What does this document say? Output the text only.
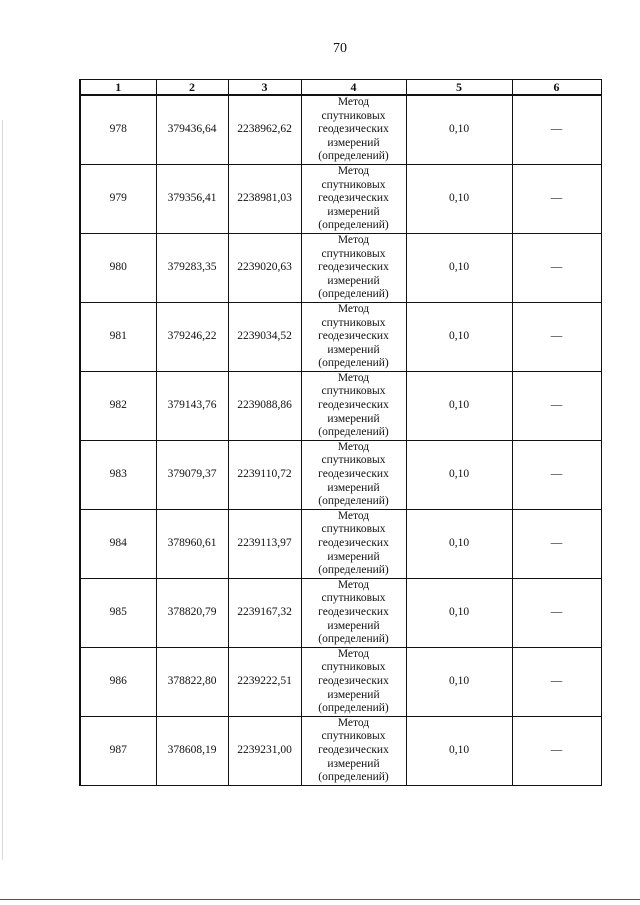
70
1	2	3	4	5	6
978	379436,64	2238962,62	Метод
спутниковых
геодезических
измерений
(определений)	0,10	—
979	379356,41	2238981,03	Метод
спутниковых
геодезических
измерений
(определений)	0,10	—
980	379283,35	2239020,63	Метод
спутниковых
геодезических
измерений
(определений)	0,10	—
981	379246,22	2239034,52	Метод
спутниковых
геодезических
измерений
(определений)	0,10	—
982	379143,76	2239088,86	Метод
спутниковых
геодезических
измерений
(определений)	0,10	—
983	379079,37	2239110,72	Метод
спутниковых
геодезических
измерений
(определений)	0,10	—
984	378960,61	2239113,97	Метод
спутниковых
геодезических
измерений
(определений)	0,10	—
985	378820,79	2239167,32	Метод
спутниковых
геодезических
измерений
(определений)	0,10	—
986	378822,80	2239222,51	Метод
спутниковых
геодезических
измерений
(определений)	0,10	—
987	378608,19	2239231,00	Метод
спутниковых
геодезических
измерений
(определений)	0,10	—
